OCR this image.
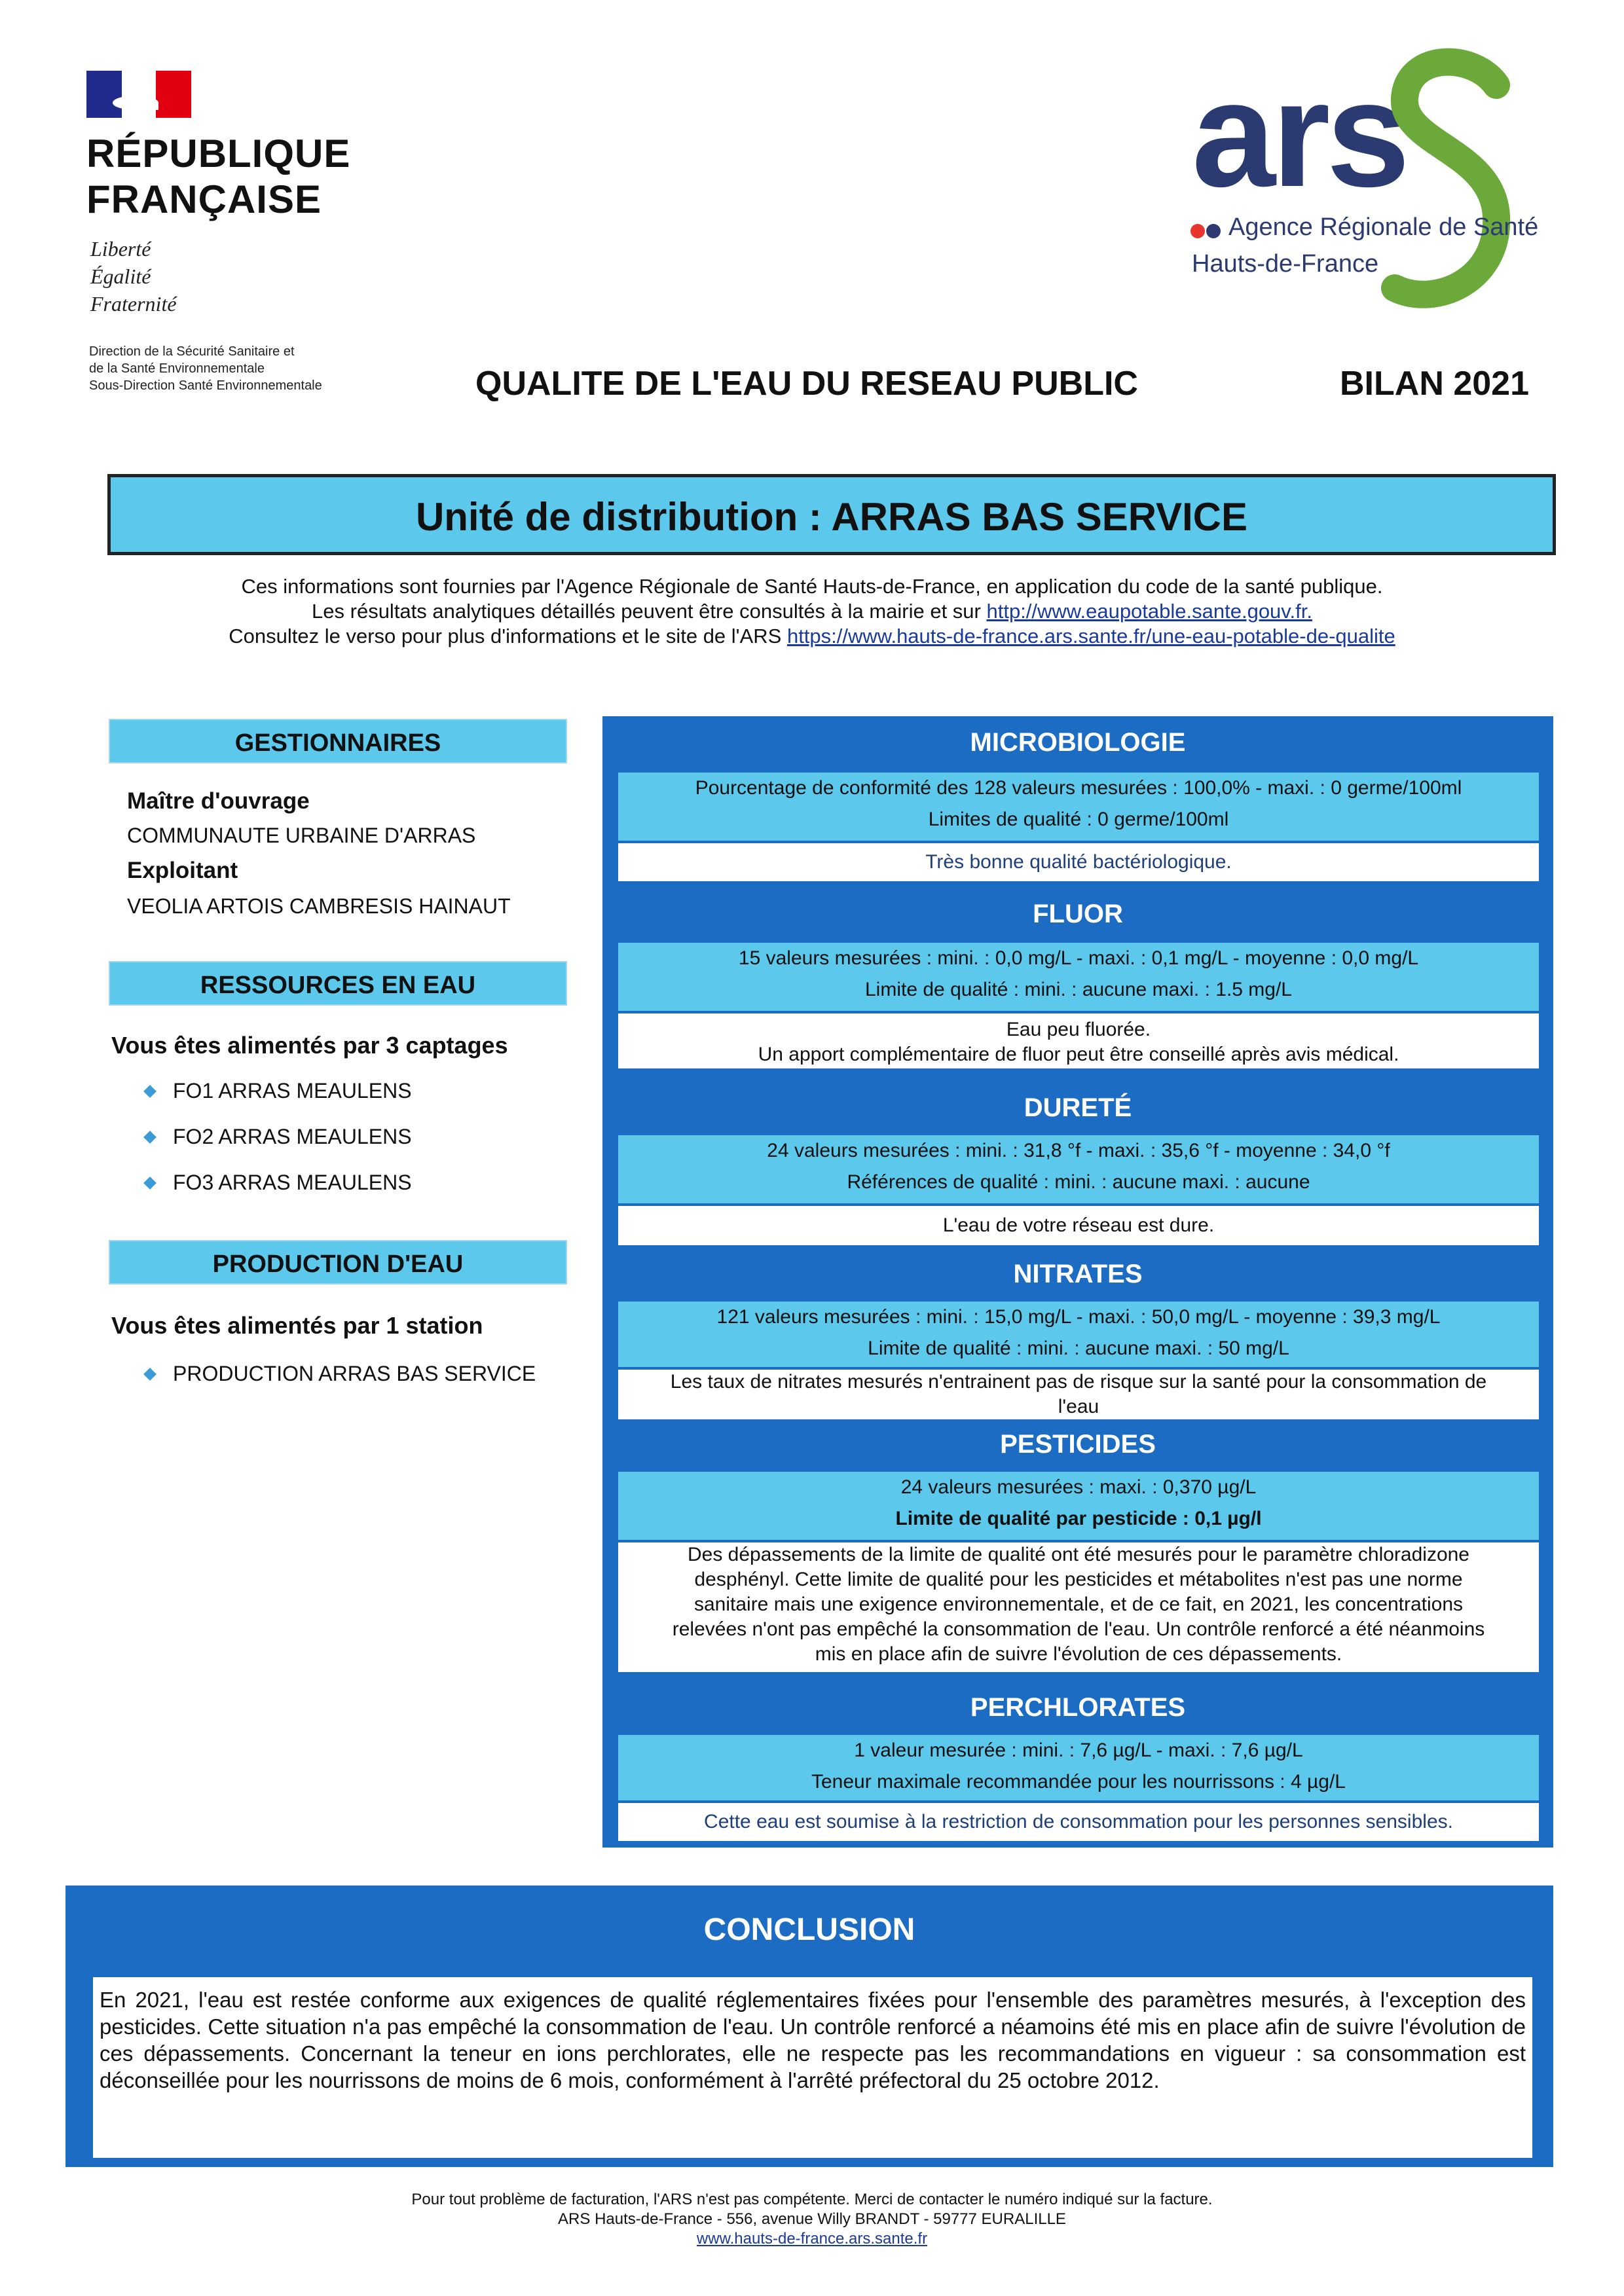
RÉPUBLIQUE
FRANÇAISE
Liberté
Égalité
Fraternité
Direction de la Sécurité Sanitaire et
de la Santé Environnementale
Sous-Direction Santé Environnementale
ars
Agence Régionale de Santé
Hauts-de-France
QUALITE DE L'EAU DU RESEAU PUBLIC	BILAN 2021
Unité de distribution : ARRAS BAS SERVICE
Ces informations sont fournies par l'Agence Régionale de Santé Hauts-de-France, en application du code de la santé publique.
Les résultats analytiques détaillés peuvent être consultés à la mairie et sur http://www.eaupotable.sante.gouv.fr.
Consultez le verso pour plus d'informations et le site de l'ARS https://www.hauts-de-france.ars.sante.fr/une-eau-potable-de-qualite
GESTIONNAIRES
Maître d'ouvrage
COMMUNAUTE URBAINE D'ARRAS
Exploitant
VEOLIA ARTOIS CAMBRESIS HAINAUT
RESSOURCES EN EAU
Vous êtes alimentés par 3 captages
FO1 ARRAS MEAULENS
FO2 ARRAS MEAULENS
FO3 ARRAS MEAULENS
PRODUCTION D'EAU
Vous êtes alimentés par 1 station
PRODUCTION ARRAS BAS SERVICE
MICROBIOLOGIE
Pourcentage de conformité des 128 valeurs mesurées : 100,0% - maxi. : 0 germe/100ml
Limites de qualité : 0 germe/100ml
Très bonne qualité bactériologique.
FLUOR
15 valeurs mesurées : mini. : 0,0 mg/L - maxi. : 0,1 mg/L - moyenne : 0,0 mg/L
Limite de qualité : mini. : aucune maxi. : 1.5 mg/L
Eau peu fluorée.
Un apport complémentaire de fluor peut être conseillé après avis médical.
DURETÉ
24 valeurs mesurées : mini. : 31,8 °f - maxi. : 35,6 °f - moyenne : 34,0 °f
Références de qualité : mini. : aucune maxi. : aucune
L'eau de votre réseau est dure.
NITRATES
121 valeurs mesurées : mini. : 15,0 mg/L - maxi. : 50,0 mg/L - moyenne : 39,3 mg/L
Limite de qualité : mini. : aucune maxi. : 50 mg/L
Les taux de nitrates mesurés n'entrainent pas de risque sur la santé pour la consommation de
l'eau
PESTICIDES
24 valeurs mesurées : maxi. : 0,370 µg/L
Limite de qualité par pesticide : 0,1 µg/l
Des dépassements de la limite de qualité ont été mesurés pour le paramètre chloradizone
desphényl. Cette limite de qualité pour les pesticides et métabolites n'est pas une norme
sanitaire mais une exigence environnementale, et de ce fait, en 2021, les concentrations
relevées n'ont pas empêché la consommation de l'eau. Un contrôle renforcé a été néanmoins
mis en place afin de suivre l'évolution de ces dépassements.
PERCHLORATES
1 valeur mesurée : mini. : 7,6 µg/L - maxi. : 7,6 µg/L
Teneur maximale recommandée pour les nourrissons : 4 µg/L
Cette eau est soumise à la restriction de consommation pour les personnes sensibles.
CONCLUSION
En 2021, l'eau est restée conforme aux exigences de qualité réglementaires fixées pour l'ensemble des paramètres mesurés, à l'exception des pesticides. Cette situation n'a pas empêché la consommation de l'eau. Un contrôle renforcé a néamoins été mis en place afin de suivre l'évolution de ces dépassements. Concernant la teneur en ions perchlorates, elle ne respecte pas les recommandations en vigueur : sa consommation est déconseillée pour les nourrissons de moins de 6 mois, conformément à l'arrêté préfectoral du 25 octobre 2012.
Pour tout problème de facturation, l'ARS n'est pas compétente. Merci de contacter le numéro indiqué sur la facture.
ARS Hauts-de-France - 556, avenue Willy BRANDT - 59777 EURALILLE
www.hauts-de-france.ars.sante.fr
